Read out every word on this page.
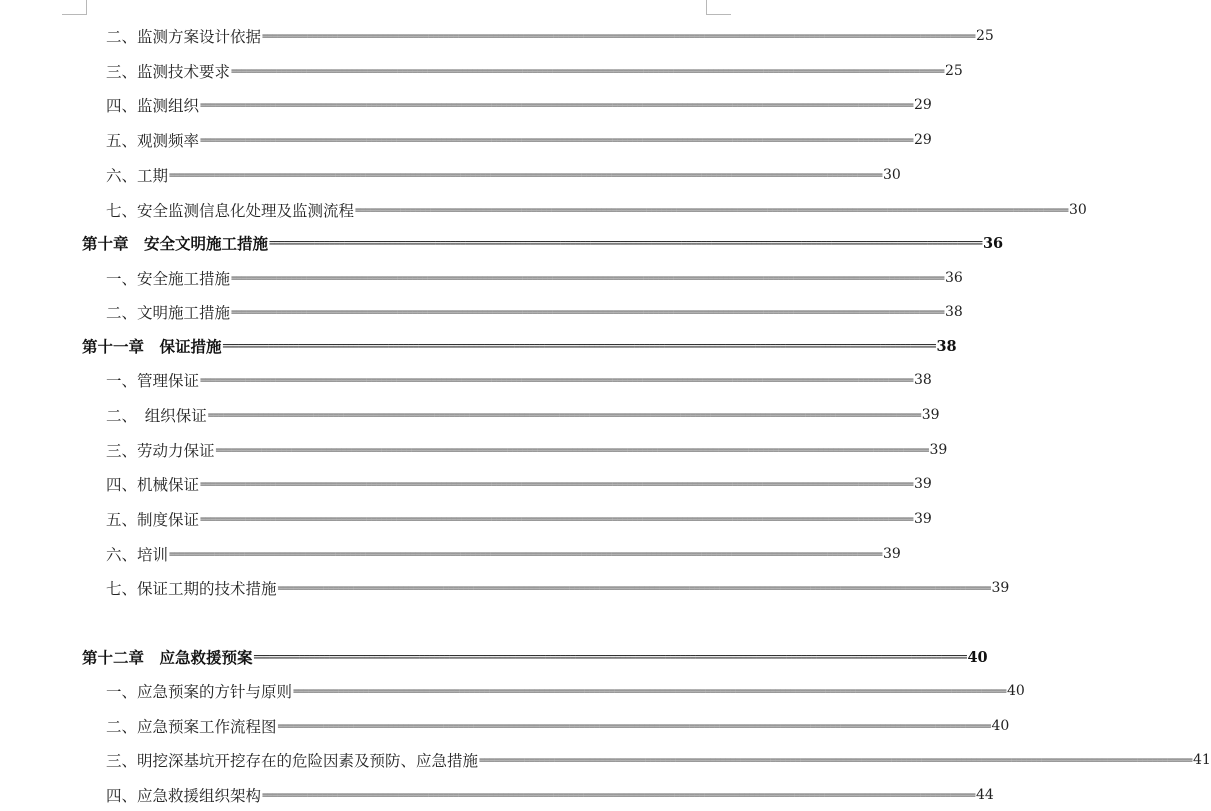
二、监测方案设计依据 ============================================================================================================================================== 25
三、监测技术要求 ============================================================================================================================================== 25
四、监测组织 ============================================================================================================================================== 29
五、观测频率 ============================================================================================================================================== 29
六、工期 ============================================================================================================================================== 30
七、安全监测信息化处理及监测流程 ============================================================================================================================================== 30
第十章　安全文明施工措施 ============================================================================================================================================== 36
一、安全施工措施 ============================================================================================================================================== 36
二、文明施工措施 ============================================================================================================================================== 38
第十一章　保证措施 ============================================================================================================================================== 38
一、管理保证 ============================================================================================================================================== 38
二、　组织保证 ============================================================================================================================================== 39
三、劳动力保证 ============================================================================================================================================== 39
四、机械保证 ============================================================================================================================================== 39
五、制度保证 ============================================================================================================================================== 39
六、培训 ============================================================================================================================================== 39
七、保证工期的技术措施 ============================================================================================================================================== 39
第十二章　应急救援预案 ============================================================================================================================================== 40
一、应急预案的方针与原则 ============================================================================================================================================== 40
二、应急预案工作流程图 ============================================================================================================================================== 40
三、明挖深基坑开挖存在的危险因素及预防、应急措施 ============================================================================================================================================== 41
四、应急救援组织架构 ============================================================================================================================================== 44
